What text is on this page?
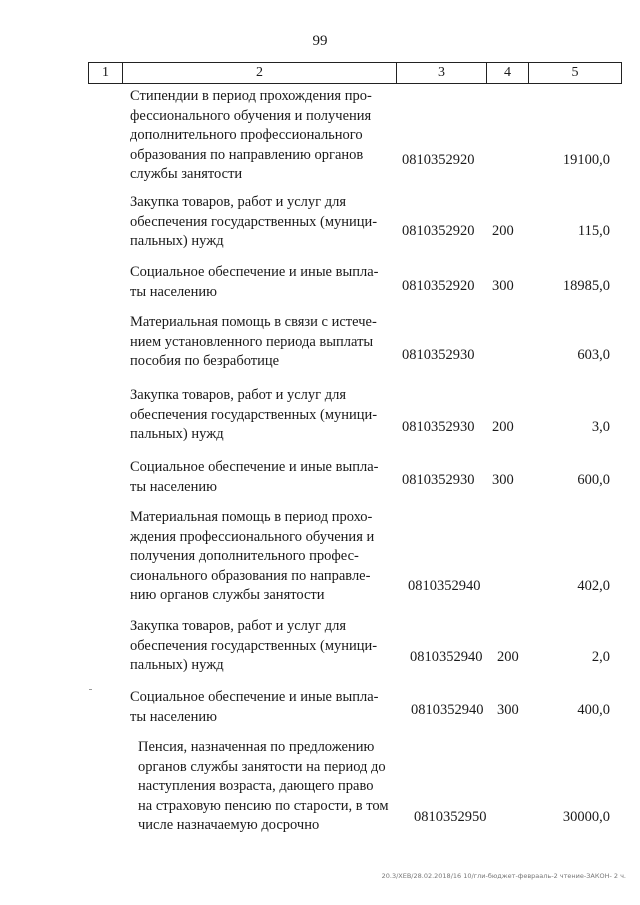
99
1	2	3	4	5
Стипендии в период прохождения про-
фессионального обучения и получения
дополнительного профессионального
образования по направлению органов
службы занятости
0810352920	19100,0
Закупка товаров, работ и услуг для
обеспечения государственных (муници-
пальных) нужд
0810352920 200	115,0
Социальное обеспечение и иные выпла-
ты населению	0810352920 300	18985,0
Материальная помощь в связи с истече-
нием установленного периода выплаты
пособия по безработице	0810352930	603,0
Закупка товаров, работ и услуг для
обеспечения государственных (муници-
пальных) нужд	0810352930 200	3,0
Социальное обеспечение и иные выпла-
ты населению	0810352930 300	600,0
Материальная помощь в период прохо-
ждения профессионального обучения и
получения дополнительного профес-
сионального образования по направле-
нию органов службы занятости
0810352940	402,0
Закупка товаров, работ и услуг для
обеспечения государственных (муници-
пальных) нужд	0810352940 200	2,0
Социальное обеспечение и иные выпла-
ты населению	0810352940 300	400,0
Пенсия, назначенная по предложению
органов службы занятости на период до
наступления возраста, дающего право
на страховую пенсию по старости, в том
числе назначаемую досрочно	0810352950	30000,0
20.3/ХЕВ/28.02.2018/16 10/гли-бюджет-феврааль-2 чтение-ЗАКОН- 2 ч.
